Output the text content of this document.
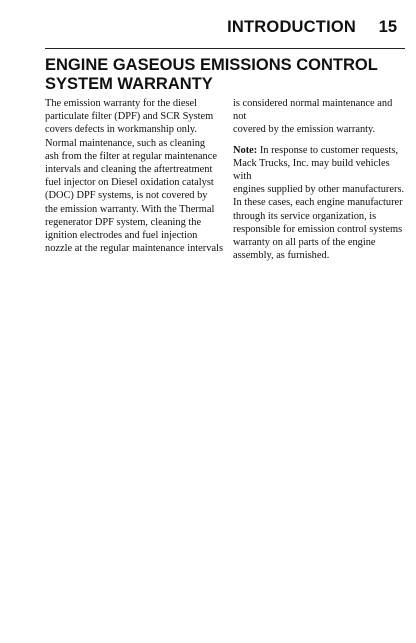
INTRODUCTION 15
ENGINE GASEOUS EMISSIONS CONTROL
SYSTEM WARRANTY

The emission warranty for the diesel
particulate filter (DPF) and SCR System
covers defects in workmanship only.
Normal maintenance, such as cleaning
ash from the filter at regular maintenance
intervals and cleaning the aftertreatment
fuel injector on Diesel oxidation catalyst
(DOC) DPF systems, is not covered by
the emission warranty. With the Thermal
regenerator DPF system, cleaning the
ignition electrodes and fuel injection
nozzle at the regular maintenance intervals

is considered normal maintenance and not
covered by the emission warranty.

Note: In response to customer requests,
Mack Trucks, Inc. may build vehicles with
engines supplied by other manufacturers.
In these cases, each engine manufacturer
through its service organization, is
responsible for emission control systems
warranty on all parts of the engine
assembly, as furnished.
